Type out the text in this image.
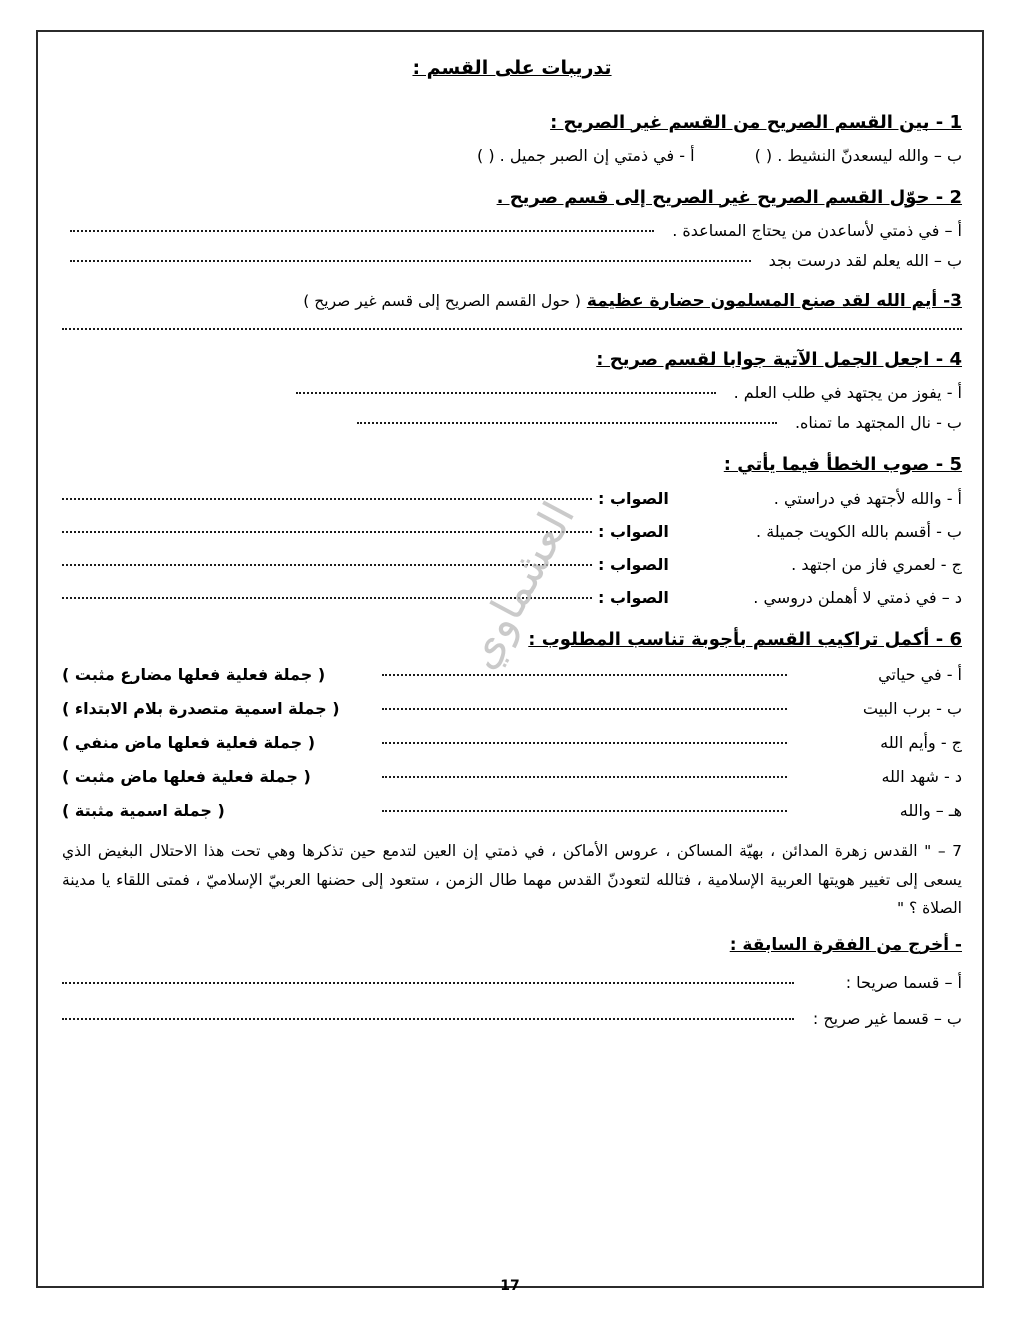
تدريبات على القسم :
1 - بين القسم الصريح من القسم غير الصريح :
ب – والله ليسعدنّ النشيط . ( )
أ - في ذمتي إن الصبر جميل . ( )
2 - حوّل القسم الصريح غير الصريح إلى قسم صريح .
أ – في ذمتي لأساعدن من يحتاج المساعدة .
ب – الله يعلم لقد درست بجد
3- أيم الله لقد صنع المسلمون حضارة عظيمة ( حول القسم الصريح إلى قسم غير صريح )
4 - اجعل الجمل الآتية جوابا لقسم صريح :
أ - يفوز من يجتهد في طلب العلم .
ب - نال المجتهد ما تمناه.
5 - صوب الخطأ فيما يأتي :
أ - والله لأجتهد في دراستي .
الصواب :
ب - أقسم بالله الكويت جميلة .
الصواب :
ج - لعمري فاز من اجتهد .
الصواب :
د – في ذمتي لا أهملن دروسي .
الصواب :
6 - أكمل تراكيب القسم بأجوبة تناسب المطلوب :
أ - في حياتي
( جملة فعلية فعلها مضارع مثبت )
ب - برب البيت
( جملة اسمية متصدرة بلام الابتداء )
ج - وأيم الله
( جملة فعلية فعلها ماض منفي )
د - شهد الله
( جملة فعلية فعلها ماض مثبت )
هـ – والله
( جملة اسمية مثبتة )
7 – " القدس زهرة المدائن ، بهيّة المساكن ، عروس الأماكن ، في ذمتي إن العين لتدمع حين تذكرها وهي تحت هذا الاحتلال البغيض الذي يسعى إلى تغيير هويتها العربية الإسلامية ، فتالله لتعودنّ القدس مهما طال الزمن ، ستعود إلى حضنها العربيّ الإسلاميّ ، فمتى اللقاء يا مدينة الصلاة ؟ "
- أخرج من الفقرة السابقة :
أ – قسما صريحا :
ب – قسما غير صريح :
العشماوي
17
